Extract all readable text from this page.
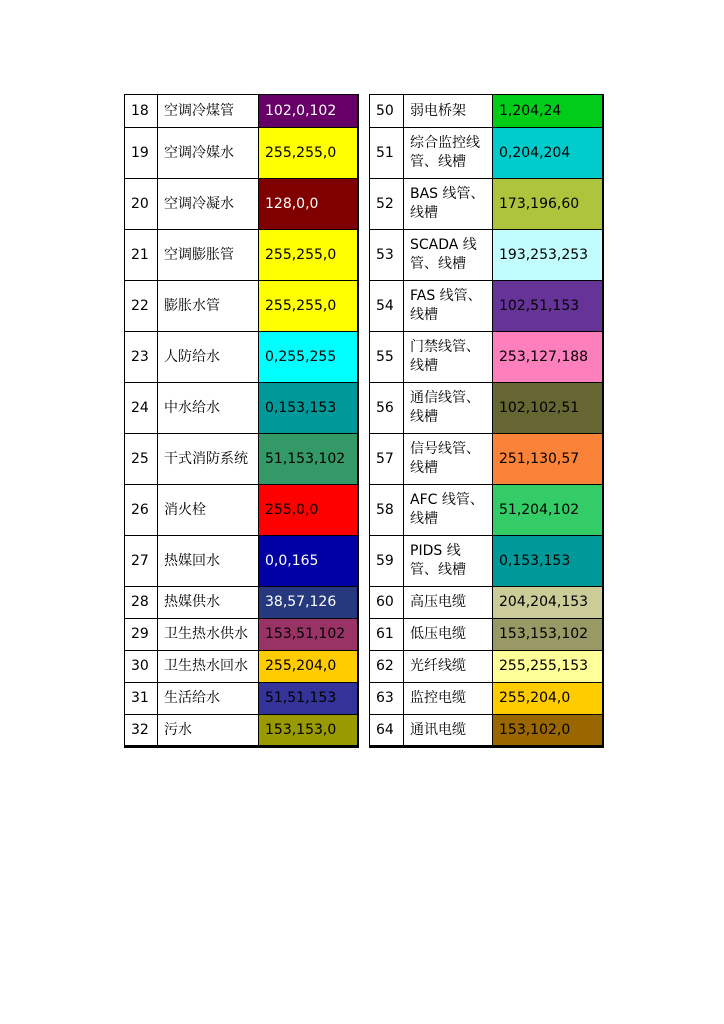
18	空调冷煤管	102,0,102
19	空调冷媒水	255,255,0
20	空调冷凝水	128,0,0
21	空调膨胀管	255,255,0
22	膨胀水管	255,255,0
23	人防给水	0,255,255
24	中水给水	0,153,153
25	干式消防系统	51,153,102
26	消火栓	255,0,0
27	热媒回水	0,0,165
28	热媒供水	38,57,126
29	卫生热水供水	153,51,102
30	卫生热水回水	255,204,0
31	生活给水	51,51,153
32	污水	153,153,0
50	弱电桥架	1,204,24
51	综合监控线管、线槽	0,204,204
52	BAS 线管、线槽	173,196,60
53	SCADA 线管、线槽	193,253,253
54	FAS 线管、线槽	102,51,153
55	门禁线管、线槽	253,127,188
56	通信线管、线槽	102,102,51
57	信号线管、线槽	251,130,57
58	AFC 线管、线槽	51,204,102
59	PIDS 线管、线槽	0,153,153
60	高压电缆	204,204,153
61	低压电缆	153,153,102
62	光纤线缆	255,255,153
63	监控电缆	255,204,0
64	通讯电缆	153,102,0
